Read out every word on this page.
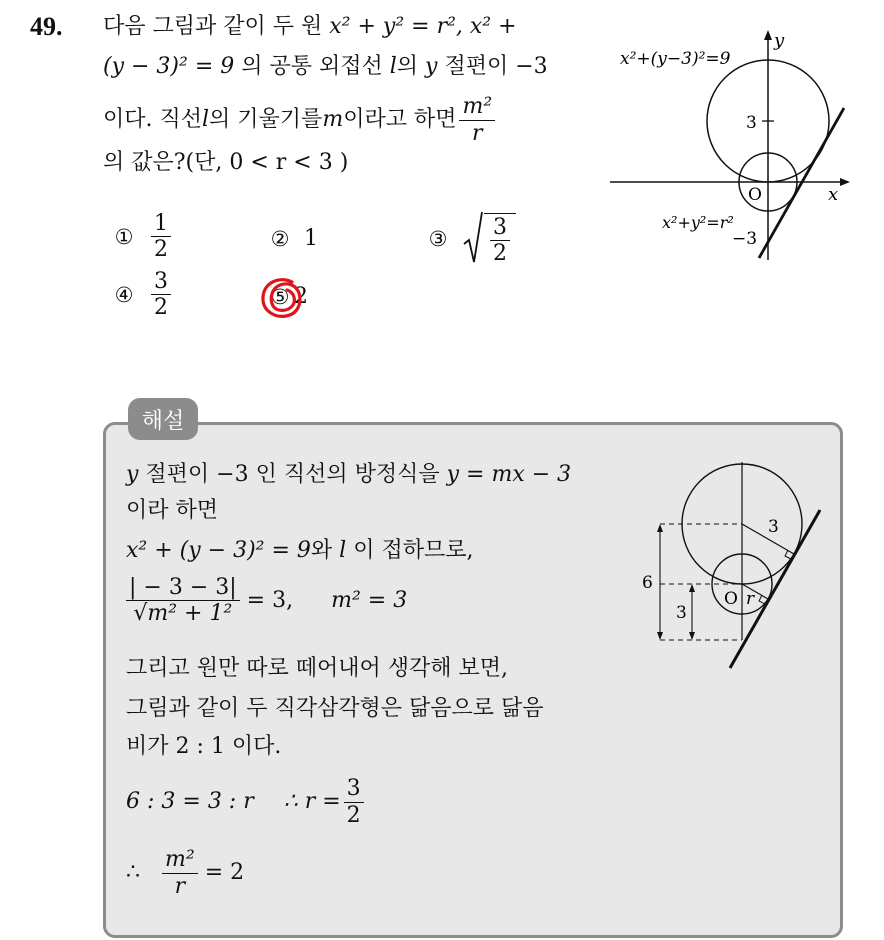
49. 다음 그림과 같이 두 원 x² + y² = r², x² +
(y − 3)² = 9 의 공통 외접선 l의 y 절편이 −3
이다. 직선 l 의 기울기를 m 이라고 하면 $\frac{\text{m²}}{r}$
의 값은?(단, 0 < r < 3 )
① $\frac{1}{2}$	② 1	③ $\frac{3}{2}$
④ $\frac{3}{2}$	⑤ 2
x²+(y−3)²=9
x²+y²=r²
y
x
O
3
−3
해설
y 절편이 −3 인 직선의 방정식을 y = mx − 3
이라 하면
x² + (y − 3)² = 9와 l 이 접하므로,
$\frac{| - 3 - 3|}{\text{√m² + 1²}} = 3$, m² = 3
그리고 원만 따로 떼어내어 생각해 보면,
그림과 같이 두 직각삼각형은 닮음으로 닮음
비가 2 : 1 이다.
6 : 3 = 3 : r ∴ $r = \frac{3}{2}$
∴ $\frac{\text{m²}}{r} = 2$
6
3
3
O r
